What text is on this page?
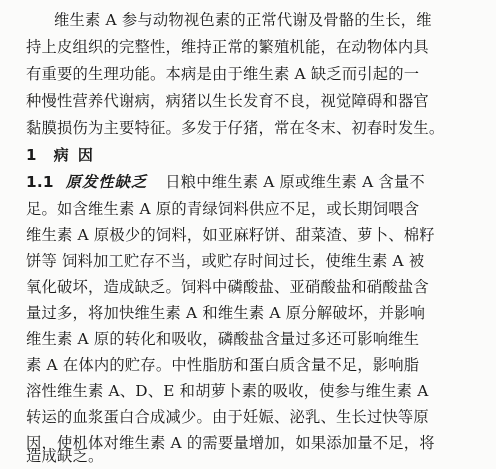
维生素 A 参与动物视色素的正常代谢及骨骼的生长，维
持上皮组织的完整性，维持正常的繁殖机能，在动物体内具
有重要的生理功能。本病是由于维生素 A 缺乏而引起的一
种慢性营养代谢病，病猪以生长发育不良，视觉障碍和器官
黏膜损伤为主要特征。多发于仔猪，常在冬末、初春时发生。
1 病 因
1.1 原发性缺乏 日粮中维生素 A 原或维生素 A 含量不
足。如含维生素 A 原的青绿饲料供应不足，或长期饲喂含
维生素 A 原极少的饲料，如亚麻籽饼、甜菜渣、萝卜、棉籽
饼等 饲料加工贮存不当，或贮存时间过长，使维生素 A 被
氧化破坏，造成缺乏。饲料中磷酸盐、亚硝酸盐和硝酸盐含
量过多，将加快维生素 A 和维生素 A 原分解破坏，并影响
维生素 A 原的转化和吸收，磷酸盐含量过多还可影响维生
素 A 在体内的贮存。中性脂肪和蛋白质含量不足，影响脂
溶性维生素 A、D、E 和胡萝卜素的吸收，使参与维生素 A
转运的血浆蛋白合成减少。由于妊娠、泌乳、生长过快等原
因，使机体对维生素 A 的需要量增加，如果添加量不足，将
造成缺乏。
